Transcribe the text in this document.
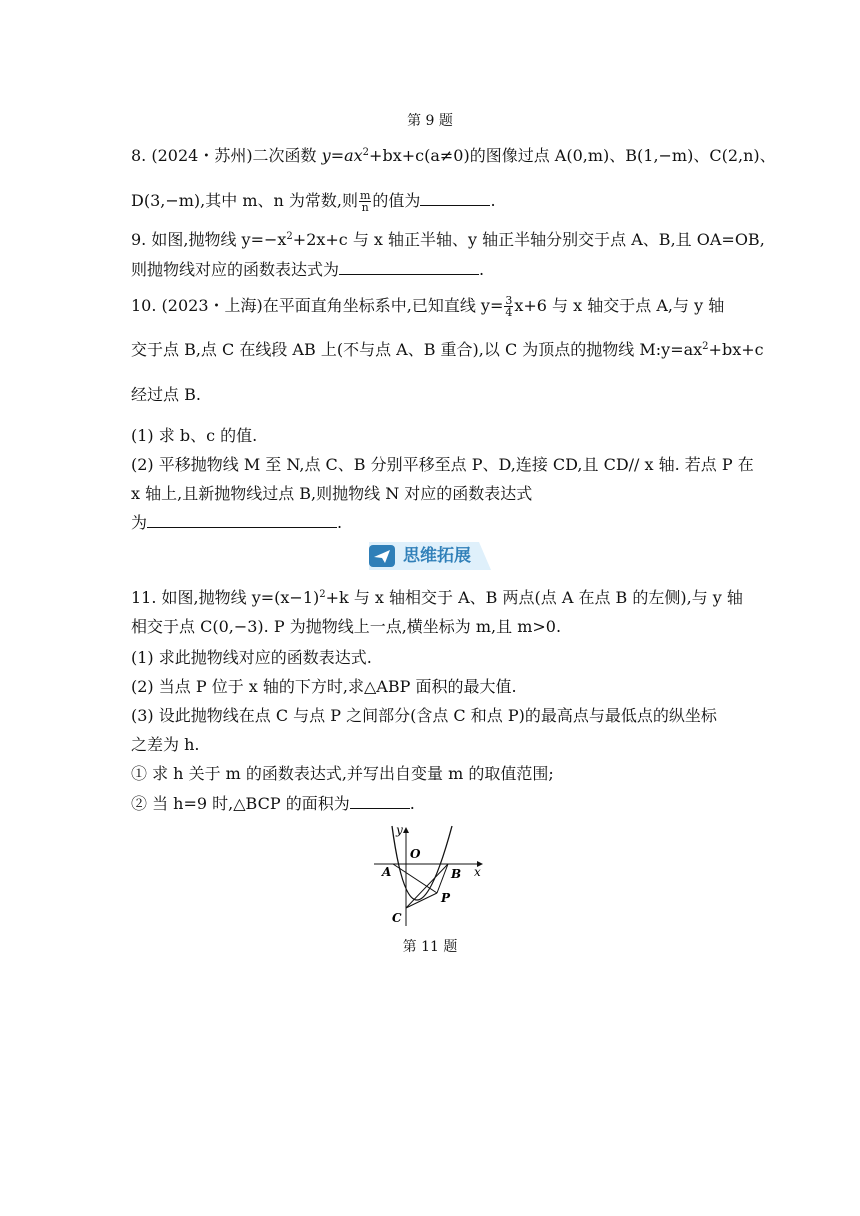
第 9 题
8. (2024・苏州)二次函数 $y=ax^2+bx+c(a\ne 0)$的图像过点 A(0,m)、B(1,−m)、C(2,n)、
D(3,−m),其中 m、n 为常数,则 $\frac{m}{n}$ 的值为	.
9. 如图,抛物线 $y=-x^2+2x+c$ 与 x 轴正半轴、y 轴正半轴分别交于点 A、B,且 OA=OB,
则抛物线对应的函数表达式为	.
10. (2023・上海)在平面直角坐标系中,已知直线 $y= \frac{3}{4} x+6$ 与 x 轴交于点 A,与 y 轴
交于点 B,点 C 在线段 AB 上(不与点 A、B 重合),以 C 为顶点的抛物线 $M:y=ax^2+bx+c$
经过点 B.
(1) 求 b、c 的值.
(2) 平移抛物线 M 至 N,点 C、B 分别平移至点 P、D,连接 CD,且 CD// x 轴. 若点 P 在
x 轴上,且新抛物线过点 B,则抛物线 N 对应的函数表达式
为	.
思维拓展
11. 如图,抛物线 $y=(x-1)^2+k$ 与 x 轴相交于 A、B 两点(点 A 在点 B 的左侧),与 y 轴
相交于点 C(0,−3). P 为抛物线上一点,横坐标为 m,且 m>0.
(1) 求此抛物线对应的函数表达式.
(2) 当点 P 位于 x 轴的下方时,求△ABP 面积的最大值.
(3) 设此抛物线在点 C 与点 P 之间部分(含点 C 和点 P)的最高点与最低点的纵坐标
之差为 h.
① 求 h 关于 m 的函数表达式,并写出自变量 m 的取值范围;
② 当 h=9 时,△BCP 的面积为	.
y
O
A	B x
C
P
第 11 题
